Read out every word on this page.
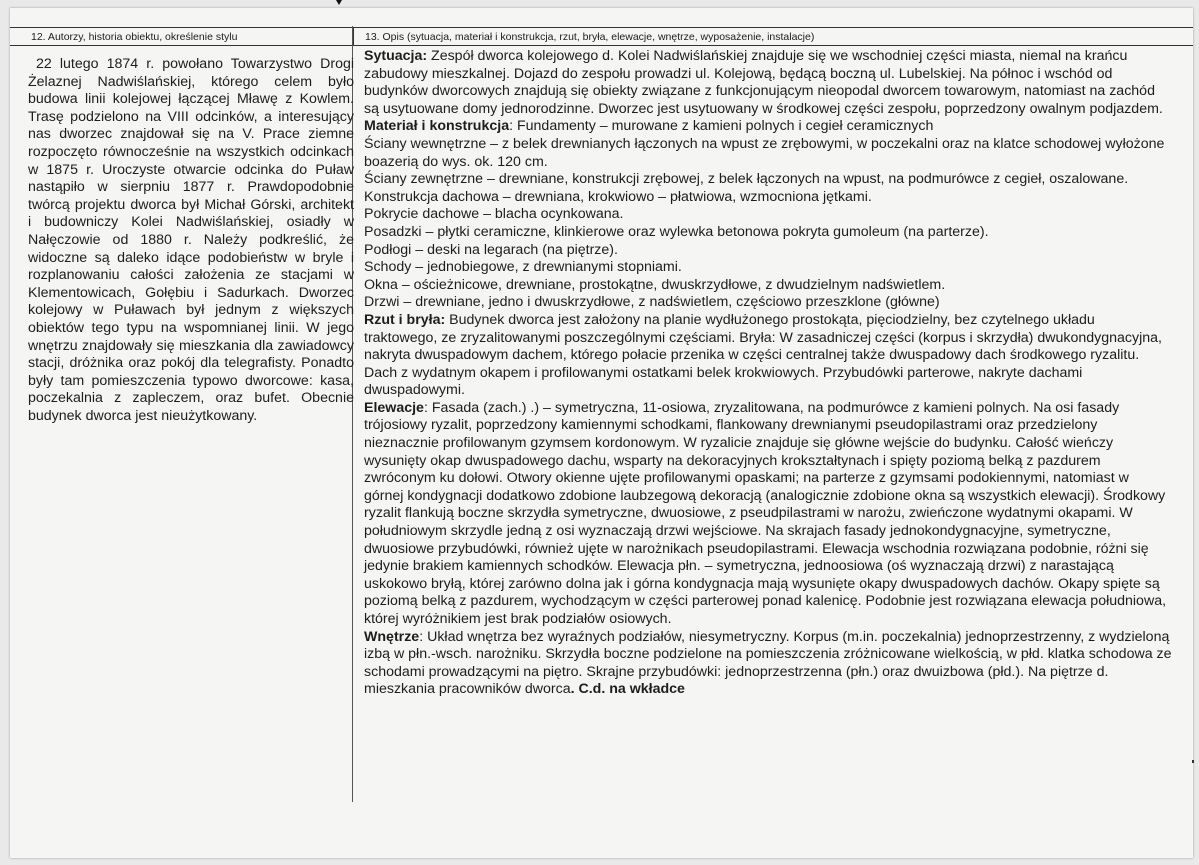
12. Autorzy, historia obiektu, określenie stylu	13. Opis (sytuacja, materiał i konstrukcja, rzut, bryła, elewacje, wnętrze, wyposażenie, instalacje)

22 lutego 1874 r. powołano Towarzystwo Drogi Żelaznej Nadwiślańskiej, którego celem było budowa linii kolejowej łączącej Mławę z Kowlem. Trasę podzielono na VIII odcinków, a interesujący nas dworzec znajdował się na V. Prace ziemne rozpoczęto równocześnie na wszystkich odcinkach w 1875 r. Uroczyste otwarcie odcinka do Puław nastąpiło w sierpniu 1877 r. Prawdopodobnie twórcą projektu dworca był Michał Górski, architekt i budowniczy Kolei Nadwiślańskiej, osiadły w Nałęczowie od 1880 r. Należy podkreślić, że widoczne są daleko idące podobieństw w bryle i rozplanowaniu całości założenia ze stacjami w Klementowicach, Gołębiu i Sadurkach. Dworzec kolejowy w Puławach był jednym z większych obiektów tego typu na wspomnianej linii. W jego wnętrzu znajdowały się mieszkania dla zawiadowcy stacji, dróżnika oraz pokój dla telegrafisty. Ponadto były tam pomieszczenia typowo dworcowe: kasa, poczekalnia z zapleczem, oraz bufet. Obecnie budynek dworca jest nieużytkowany.

Sytuacja: Zespół dworca kolejowego d. Kolei Nadwiślańskiej znajduje się we wschodniej części miasta, niemal na krańcu zabudowy mieszkalnej. Dojazd do zespołu prowadzi ul. Kolejową, będącą boczną ul. Lubelskiej. Na północ i wschód od budynków dworcowych znajdują się obiekty związane z funkcjonującym nieopodal dworcem towarowym, natomiast na zachód są usytuowane domy jednorodzinne. Dworzec jest usytuowany w środkowej części zespołu, poprzedzony owalnym podjazdem.

Materiał i konstrukcja: Fundamenty – murowane z kamieni polnych i cegieł ceramicznych

Ściany wewnętrzne – z belek drewnianych łączonych na wpust ze zrębowymi, w poczekalni oraz na klatce schodowej wyłożone boazerią do wys. ok. 120 cm.

Ściany zewnętrzne – drewniane, konstrukcji zrębowej, z belek łączonych na wpust, na podmurówce z cegieł, oszalowane.

Konstrukcja dachowa – drewniana, krokwiowo – płatwiowa, wzmocniona jętkami.

Pokrycie dachowe – blacha ocynkowana.

Posadzki – płytki ceramiczne, klinkierowe oraz wylewka betonowa pokryta gumoleum (na parterze).

Podłogi – deski na legarach (na piętrze).

Schody – jednobiegowe, z drewnianymi stopniami.

Okna – ościeżnicowe, drewniane, prostokątne, dwuskrzydłowe, z dwudzielnym nadświetlem.

Drzwi – drewniane, jedno i dwuskrzydłowe, z nadświetlem, częściowo przeszklone (główne)

Rzut i bryła: Budynek dworca jest założony na planie wydłużonego prostokąta, pięciodzielny, bez czytelnego układu traktowego, ze zryzalitowanymi poszczególnymi częściami. Bryła: W zasadniczej części (korpus i skrzydła) dwukondygnacyjna, nakryta dwuspadowym dachem, którego połacie przenika w części centralnej także dwuspadowy dach środkowego ryzalitu. Dach z wydatnym okapem i profilowanymi ostatkami belek krokwiowych. Przybudówki parterowe, nakryte dachami dwuspadowymi.

Elewacje: Fasada (zach.) .) – symetryczna, 11-osiowa, zryzalitowana, na podmurówce z kamieni polnych. Na osi fasady trójosiowy ryzalit, poprzedzony kamiennymi schodkami, flankowany drewnianymi pseudopilastrami oraz przedzielony nieznacznie profilowanym gzymsem kordonowym. W ryzalicie znajduje się główne wejście do budynku. Całość wieńczy wysunięty okap dwuspadowego dachu, wsparty na dekoracyjnych krokształtynach i spięty poziomą belką z pazdurem zwróconym ku dołowi. Otwory okienne ujęte profilowanymi opaskami; na parterze z gzymsami podokiennymi, natomiast w górnej kondygnacji dodatkowo zdobione laubzegową dekoracją (analogicznie zdobione okna są wszystkich elewacji). Środkowy ryzalit flankują boczne skrzydła symetryczne, dwuosiowe, z pseudpilastrami w narożu, zwieńczone wydatnymi okapami. W południowym skrzydle jedną z osi wyznaczają drzwi wejściowe. Na skrajach fasady jednokondygnacyjne, symetryczne, dwuosiowe przybudówki, również ujęte w narożnikach pseudopilastrami. Elewacja wschodnia rozwiązana podobnie, różni się jedynie brakiem kamiennych schodków. Elewacja płn. – symetryczna, jednoosiowa (oś wyznaczają drzwi) z narastającą uskokowo bryłą, której zarówno dolna jak i górna kondygnacja mają wysunięte okapy dwuspadowych dachów. Okapy spięte są poziomą belką z pazdurem, wychodzącym w części parterowej ponad kalenicę. Podobnie jest rozwiązana elewacja południowa, której wyróżnikiem jest brak podziałów osiowych.

Wnętrze: Układ wnętrza bez wyraźnych podziałów, niesymetryczny. Korpus (m.in. poczekalnia) jednoprzestrzenny, z wydzieloną izbą w płn.-wsch. narożniku. Skrzydła boczne podzielone na pomieszczenia zróżnicowane wielkością, w płd. klatka schodowa ze schodami prowadzącymi na piętro. Skrajne przybudówki: jednoprzestrzenna (płn.) oraz dwuizbowa (płd.). Na piętrze d. mieszkania pracowników dworca. C.d. na wkładce
